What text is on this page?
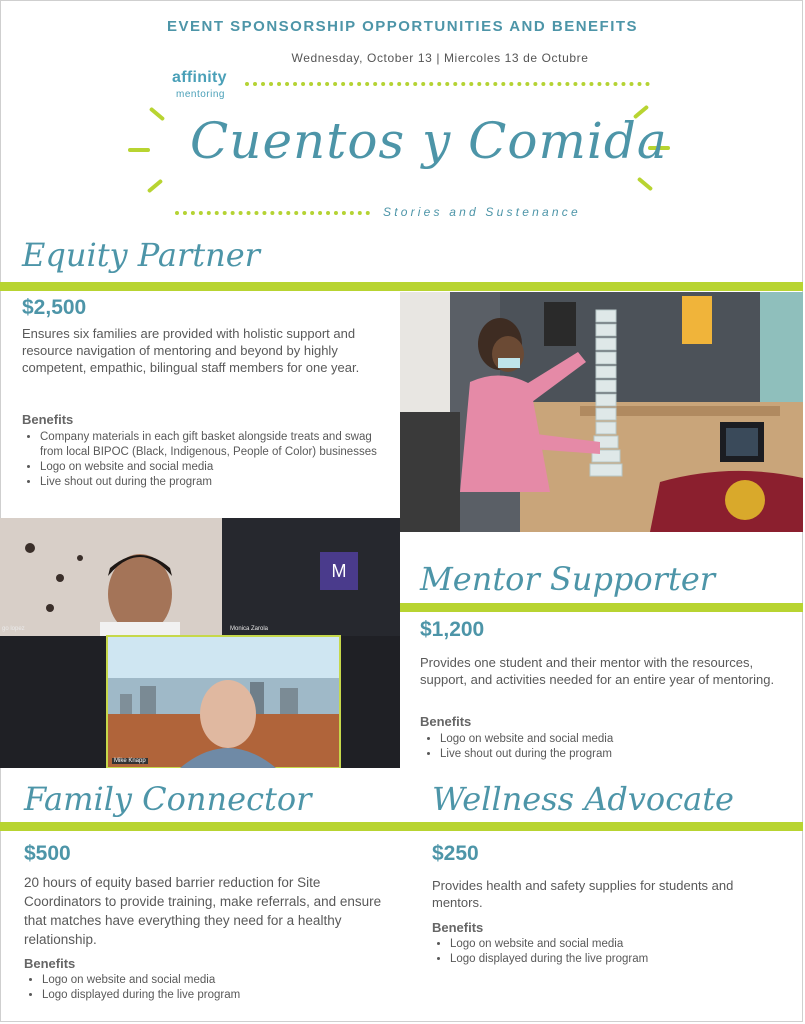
EVENT SPONSORSHIP OPPORTUNITIES AND BENEFITS
Wednesday, October 13 | Miercoles 13 de Octubre
affinity
mentoring
Cuentos y Comida
Stories and Sustenance
Equity Partner
$2,500
Ensures six families are provided with holistic support and resource navigation of mentoring and beyond by highly competent, empathic, bilingual staff members for one year.
Benefits
• Company materials in each gift basket alongside treats and swag from local BIPOC (Black, Indigenous, People of Color) businesses
• Logo on website and social media
• Live shout out during the program
go lopez
M
Monica Zarola
Mike Knapp
Mentor Supporter
$1,200
Provides one student and their mentor with the resources, support, and activities needed for an entire year of mentoring.
Benefits
• Logo on website and social media
• Live shout out during the program
Family Connector	Wellness Advocate
$500
20 hours of equity based barrier reduction for Site Coordinators to provide training, make referrals, and ensure that matches have everything they need for a healthy relationship.
Benefits
• Logo on website and social media
• Logo displayed during the live program
$250
Provides health and safety supplies for students and mentors.
Benefits
• Logo on website and social media
• Logo displayed during the live program
